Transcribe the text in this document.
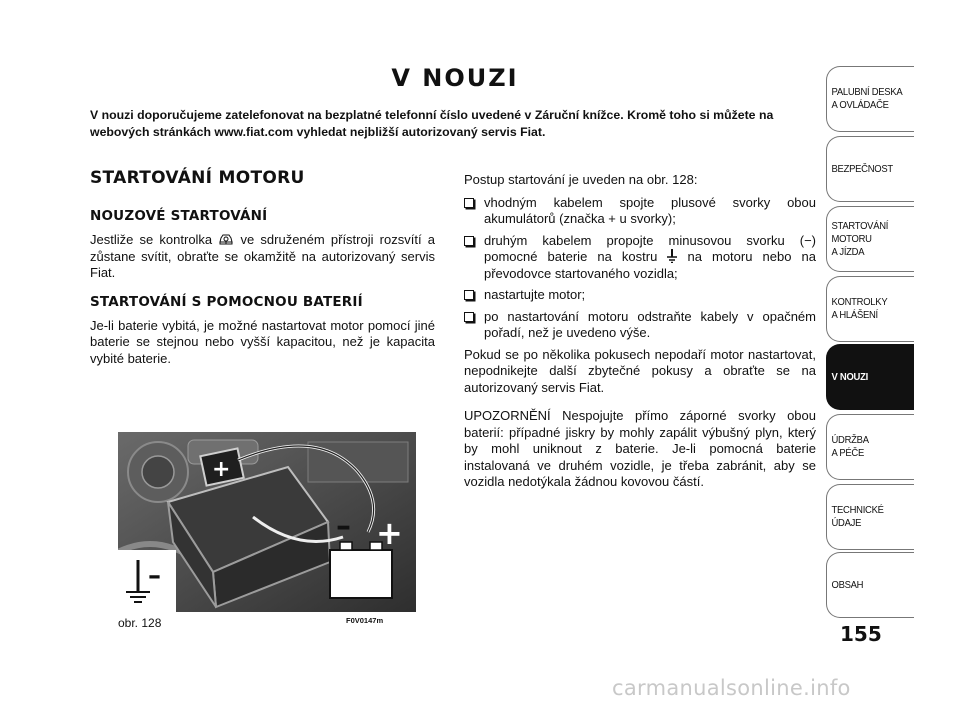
V NOUZI

V nouzi doporučujeme zatelefonovat na bezplatné telefonní číslo uvedené v Záruční knížce. Kromě toho si můžete na webových stránkách www.fiat.com vyhledat nejbližší autorizovaný servis Fiat.

STARTOVÁNÍ MOTORU
NOUZOVÉ STARTOVÁNÍ

Jestliže se kontrolka ve sdruženém přístroji rozsvítí a zůstane svítit, obraťte se okamžitě na autorizovaný servis Fiat.

STARTOVÁNÍ S POMOCNOU BATERIÍ

Je-li baterie vybitá, je možné nastartovat motor pomocí jiné baterie se stejnou nebo vyšší kapacitou, než je kapacita vybité baterie.

+
– +
–
obr. 128	F0V0147m

Postup startování je uveden na obr. 128:

vhodným kabelem spojte plusové svorky obou akumulátorů (značka + u svorky);
druhým kabelem propojte minusovou svorku (−) pomocné baterie na kostru na motoru nebo na převodovce startovaného vozidla;
nastartujte motor;
po nastartování motoru odstraňte kabely v opačném pořadí, než je uvedeno výše.

Pokud se po několika pokusech nepodaří motor nastartovat, nepodnikejte další zbytečné pokusy a obraťte se na autorizovaný servis Fiat.

UPOZORNĚNÍ Nespojujte přímo záporné svorky obou baterií: případné jiskry by mohly zapálit výbušný plyn, který by mohl uniknout z baterie. Je-li pomocná baterie instalovaná ve druhém vozidle, je třeba zabránit, aby se vozidla nedotýkala žádnou kovovou částí.

PALUBNÍ DESKA
A OVLÁDAČE
BEZPEČNOST
STARTOVÁNÍ
MOTORU
A JÍZDA
KONTROLKY
A HLÁŠENÍ
V NOUZI
ÚDRŽBA
A PÉČE
TECHNICKÉ
ÚDAJE
OBSAH
155
carmanualsonline.info
